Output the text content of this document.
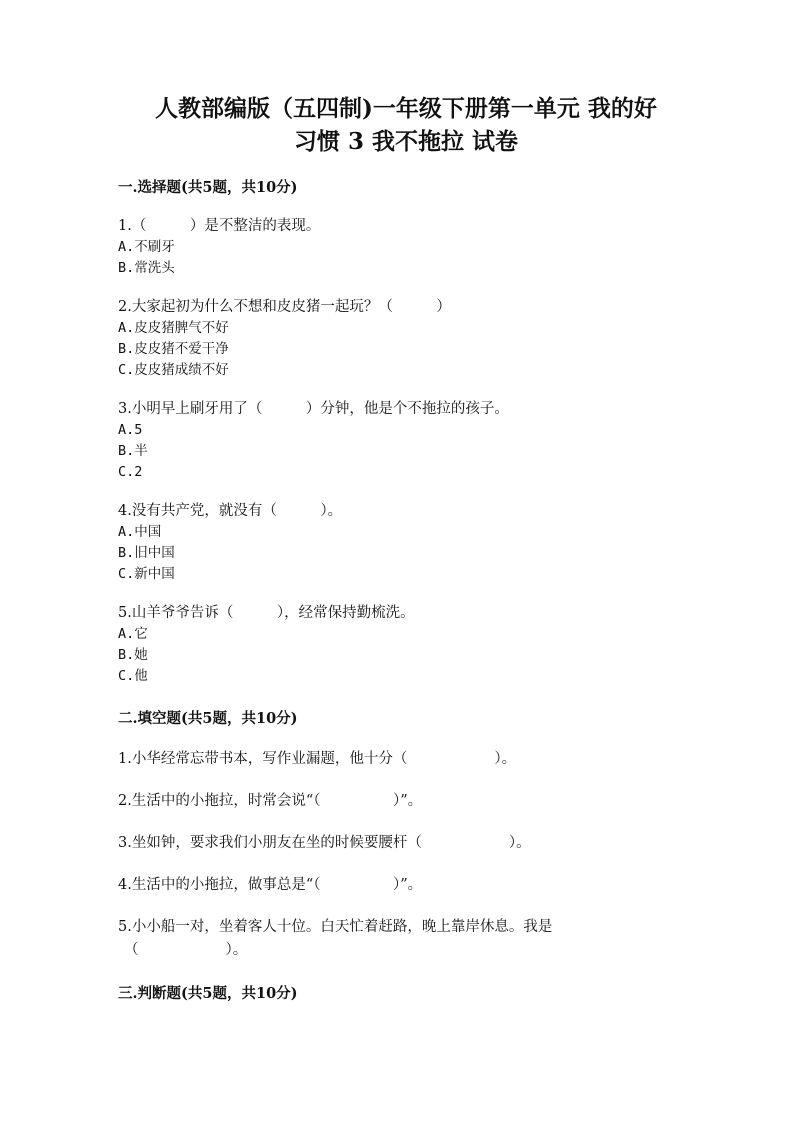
人教部编版（五四制)一年级下册第一单元 我的好
习惯 3 我不拖拉 试卷
一.选择题(共5题，共10分)
1.（　　　）是不整洁的表现。
A.不刷牙
B.常洗头
2.大家起初为什么不想和皮皮猪一起玩？（　　　）
A.皮皮猪脾气不好
B.皮皮猪不爱干净
C.皮皮猪成绩不好
3.小明早上刷牙用了（　　　）分钟，他是个不拖拉的孩子。
A.5
B.半
C.2
4.没有共产党，就没有（　　　）。
A.中国
B.旧中国
C.新中国
5.山羊爷爷告诉（　　　），经常保持勤梳洗。
A.它
B.她
C.他
二.填空题(共5题，共10分)
1.小华经常忘带书本，写作业漏题，他十分（　　　　　　）。
2.生活中的小拖拉，时常会说“（　　　　　）”。
3.坐如钟，要求我们小朋友在坐的时候要腰杆（　　　　　　）。
4.生活中的小拖拉，做事总是“（　　　　　）”。
5.小小船一对，坐着客人十位。白天忙着赶路，晚上靠岸休息。我是
（　　　　　　）。
三.判断题(共5题，共10分)
